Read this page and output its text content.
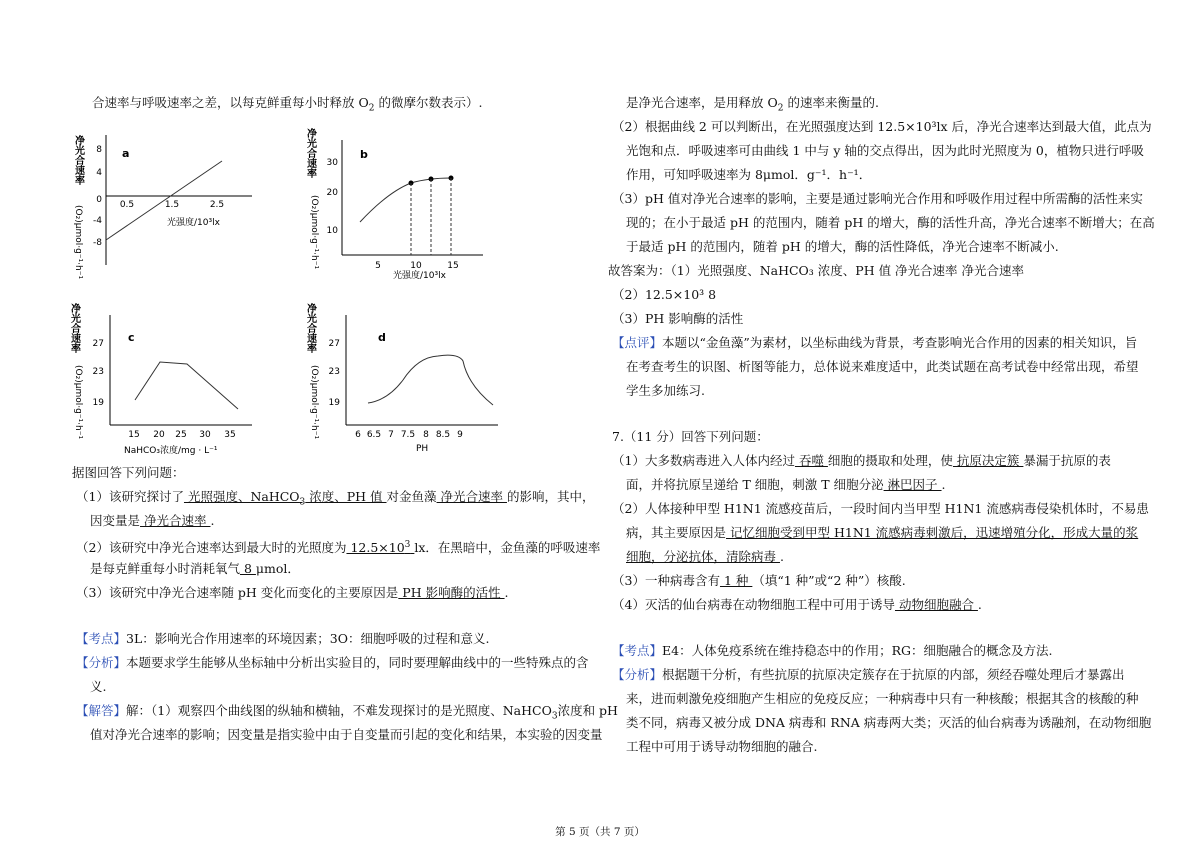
合速率与呼吸速率之差，以每克鲜重每小时释放 $O_2$ 的微摩尔数表示）.
净光合速率
(O₂)μmol·g⁻¹·h⁻¹
8
4
0
-4
-8
0.5	1.5	2.5
a
光强度/10³lx
净光合速率
(O₂)μmol·g⁻¹·h⁻¹
b
30
20
10
5	10	15
光强度/10³lx
净光合速率
(O₂)μmol·g⁻¹·h⁻¹
c
27
23
19
15 20 25 30 35
NaHCO₃浓度/mg · L⁻¹
净光合速率
(O₂)μmol·g⁻¹·h⁻¹
d
27
23
19
6 6.5 7 7.5 8 8.5 9
PH
据图回答下列问题：
（1）该研究探讨了 光照强度、NaHCO$_3$ 浓度、PH 值 对金鱼藻 净光合速率 的影响，其中，
因变量是 净光合速率 .
（2）该研究中净光合速率达到最大时的光照度为 $12.5\times 10^3$ lx．在黑暗中，金鱼藻的呼吸速率
是每克鲜重每小时消耗氧气 8 μmol．
（3）该研究中净光合速率随 pH 变化而变化的主要原因是 PH 影响酶的活性 .
【考点】3L：影响光合作用速率的环境因素；3O：细胞呼吸的过程和意义.
【分析】本题要求学生能够从坐标轴中分析出实验目的，同时要理解曲线中的一些特殊点的含
义.
【解答】解：（1）观察四个曲线图的纵轴和横轴，不难发现探讨的是光照度、NaHCO$_3$浓度和 pH
值对净光合速率的影响；因变量是指实验中由于自变量而引起的变化和结果，本实验的因变量
是净光合速率，是用释放 $O_2$ 的速率来衡量的.
（2）根据曲线 2 可以判断出，在光照强度达到 12.5×10³lx 后，净光合速率达到最大值，此点为
光饱和点．呼吸速率可由曲线 1 中与 y 轴的交点得出，因为此时光照度为 0，植物只进行呼吸
作用，可知呼吸速率为 8μmol．g⁻¹．h⁻¹．
（3）pH 值对净光合速率的影响，主要是通过影响光合作用和呼吸作用过程中所需酶的活性来实
现的；在小于最适 pH 的范围内，随着 pH 的增大，酶的活性升高，净光合速率不断增大；在高
于最适 pH 的范围内，随着 pH 的增大，酶的活性降低，净光合速率不断减小.
故答案为：（1）光照强度、NaHCO₃ 浓度、PH 值 净光合速率 净光合速率
（2）12.5×10³ 8
（3）PH 影响酶的活性
【点评】本题以“金鱼藻”为素材，以坐标曲线为背景，考查影响光合作用的因素的相关知识，旨
在考查考生的识图、析图等能力，总体说来难度适中，此类试题在高考试卷中经常出现，希望
学生多加练习.
7.（11 分）回答下列问题：
（1）大多数病毒进入人体内经过 吞噬 细胞的摄取和处理，使 抗原决定簇 暴漏于抗原的表
面，并将抗原呈递给 T 细胞，刺激 T 细胞分泌 淋巴因子 .
（2）人体接种甲型 H1N1 流感疫苗后，一段时间内当甲型 H1N1 流感病毒侵染机体时，不易患
病，其主要原因是 记忆细胞受到甲型 H1N1 流感病毒刺激后，迅速增殖分化，形成大量的浆
细胞，分泌抗体，清除病毒 .
（3）一种病毒含有 1 种 （填“1 种”或“2 种”）核酸.
（4）灭活的仙台病毒在动物细胞工程中可用于诱导 动物细胞融合 .
【考点】E4：人体免疫系统在维持稳态中的作用；RG：细胞融合的概念及方法.
【分析】根据题干分析，有些抗原的抗原决定簇存在于抗原的内部，须经吞噬处理后才暴露出
来，进而刺激免疫细胞产生相应的免疫反应；一种病毒中只有一种核酸；根据其含的核酸的种
类不同，病毒又被分成 DNA 病毒和 RNA 病毒两大类；灭活的仙台病毒为诱融剂，在动物细胞
工程中可用于诱导动物细胞的融合.
第 5 页（共 7 页）
